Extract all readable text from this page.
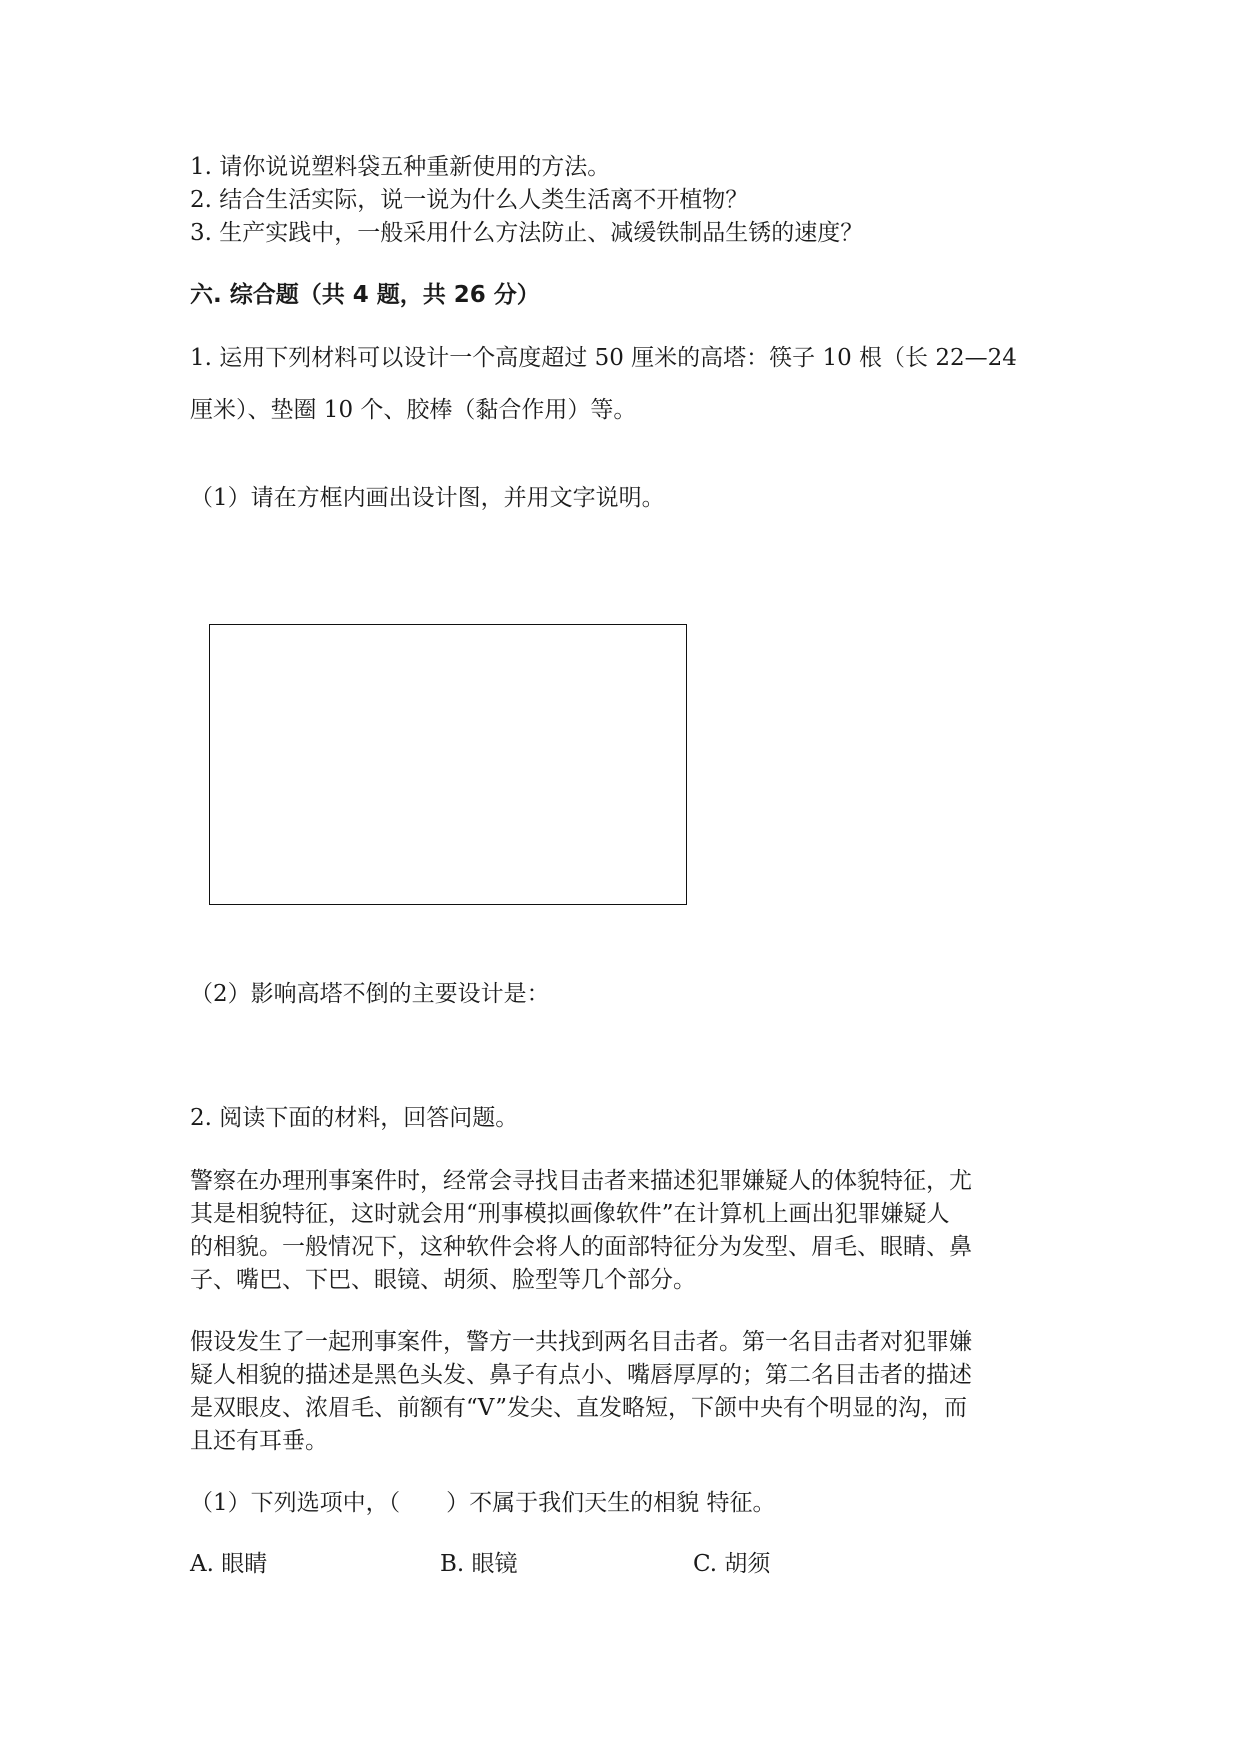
1. 请你说说塑料袋五种重新使用的方法。
2. 结合生活实际，说一说为什么人类生活离不开植物？
3. 生产实践中，一般采用什么方法防止、减缓铁制品生锈的速度？
六. 综合题（共 4 题，共 26 分）
1. 运用下列材料可以设计一个高度超过 50 厘米的高塔：筷子 10 根（长 22—24
厘米）、垫圈 10 个、胶棒（黏合作用）等。
（1）请在方框内画出设计图，并用文字说明。
（2）影响高塔不倒的主要设计是：
2. 阅读下面的材料，回答问题。
警察在办理刑事案件时，经常会寻找目击者来描述犯罪嫌疑人的体貌特征，尤
其是相貌特征，这时就会用“刑事模拟画像软件”在计算机上画出犯罪嫌疑人
的相貌。一般情况下，这种软件会将人的面部特征分为发型、眉毛、眼睛、鼻
子、嘴巴、下巴、眼镜、胡须、脸型等几个部分。
假设发生了一起刑事案件，警方一共找到两名目击者。第一名目击者对犯罪嫌
疑人相貌的描述是黑色头发、鼻子有点小、嘴唇厚厚的；第二名目击者的描述
是双眼皮、浓眉毛、前额有“V”发尖、直发略短，下颌中央有个明显的沟，而
且还有耳垂。
（1）下列选项中，（　　）不属于我们天生的相貌 特征。
A. 眼睛	B. 眼镜	C. 胡须
